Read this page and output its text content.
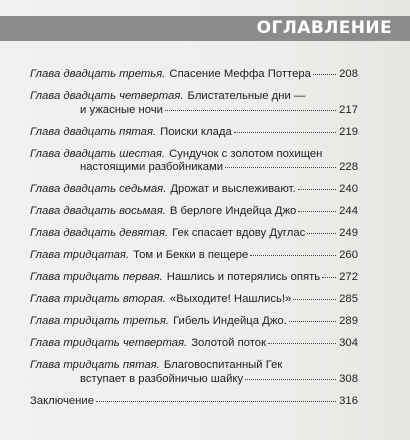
ОГЛАВЛЕНИЕ
Глава двадцать третья. Спасение Меффа Поттера 208
Глава двадцать четвертая. Блистательные дни —
и ужасные ночи	217
Глава двадцать пятая. Поиски клада	219
Глава двадцать шестая. Сундучок с золотом похищен
настоящими разбойниками	228
Глава двадцать седьмая. Дрожат и выслеживают.	240
Глава двадцать восьмая. В берлоге Индейца Джо	244
Глава двадцать девятая. Гек спасает вдову Дуглас	249
Глава тридцатая. Том и Бекки в пещере	260
Глава тридцать первая. Нашлись и потерялись опять 272
Глава тридцать вторая. «Выходите! Нашлись!»	285
Глава тридцать третья. Гибель Индейца Джо.	289
Глава тридцать четвертая. Золотой поток	304
Глава тридцать пятая. Благовоспитанный Гек
вступает в разбойничью шайку	308
Заключение	316
